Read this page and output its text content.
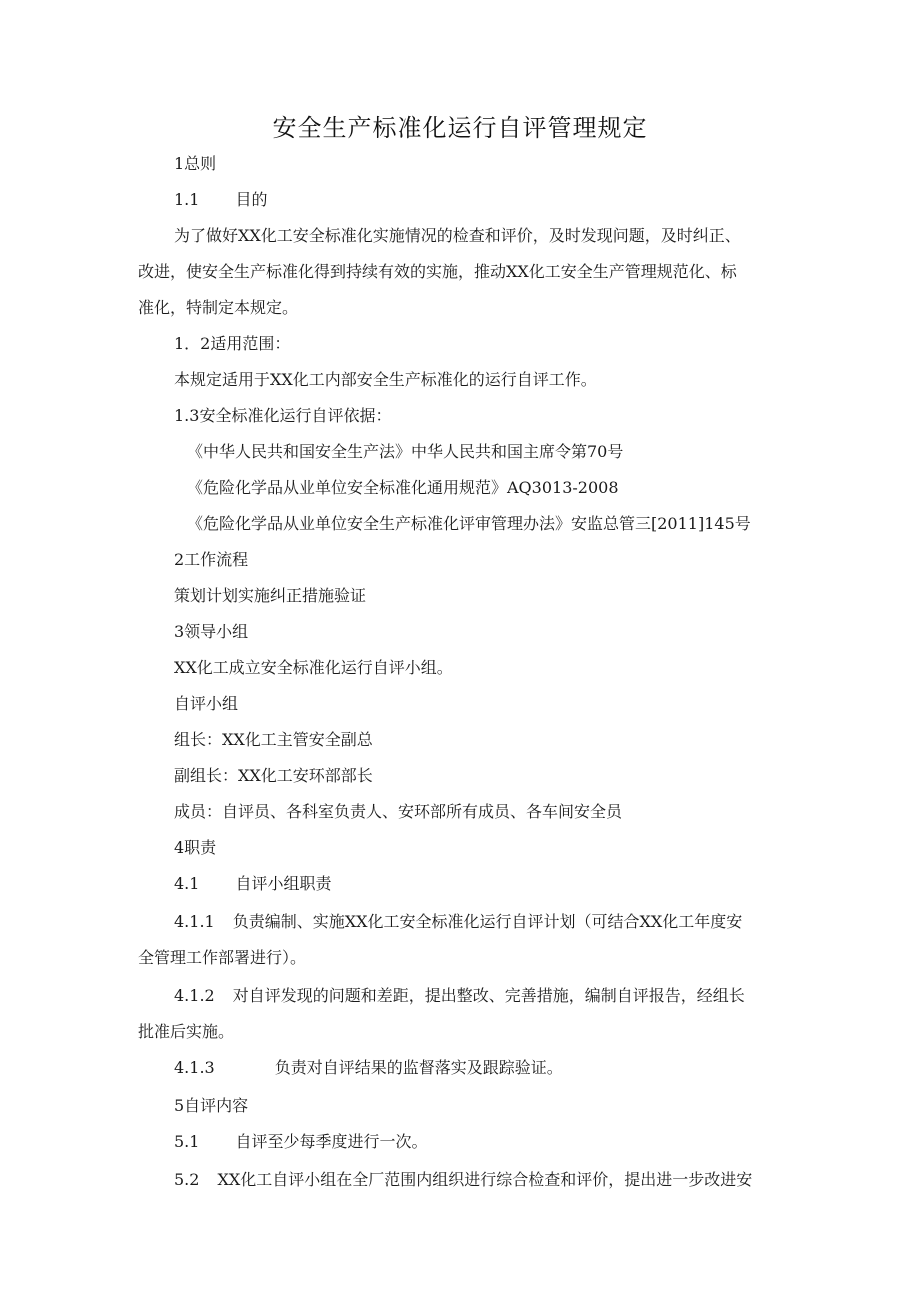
安全生产标准化运行自评管理规定
1总则
1.1 目的
为了做好XX化工安全标准化实施情况的检查和评价，及时发现问题，及时纠正、
改进，使安全生产标准化得到持续有效的实施，推动XX化工安全生产管理规范化、标
准化，特制定本规定。
1．2适用范围：
本规定适用于XX化工内部安全生产标准化的运行自评工作。
1.3安全标准化运行自评依据：
《中华人民共和国安全生产法》中华人民共和国主席令第70号
《危险化学品从业单位安全标准化通用规范》AQ3013-2008
《危险化学品从业单位安全生产标准化评审管理办法》安监总管三[2011]145号
2工作流程
策划计划实施纠正措施验证
3领导小组
XX化工成立安全标准化运行自评小组。
自评小组
组长：XX化工主管安全副总
副组长：XX化工安环部部长
成员：自评员、各科室负责人、安环部所有成员、各车间安全员
4职责
4.1 自评小组职责
4.1.1 负责编制、实施XX化工安全标准化运行自评计划（可结合XX化工年度安
全管理工作部署进行）。
4.1.2 对自评发现的问题和差距，提出整改、完善措施，编制自评报告，经组长
批准后实施。
4.1.3	负责对自评结果的监督落实及跟踪验证。
5自评内容
5.1 自评至少每季度进行一次。
5.2 XX化工自评小组在全厂范围内组织进行综合检查和评价，提出进一步改进安
